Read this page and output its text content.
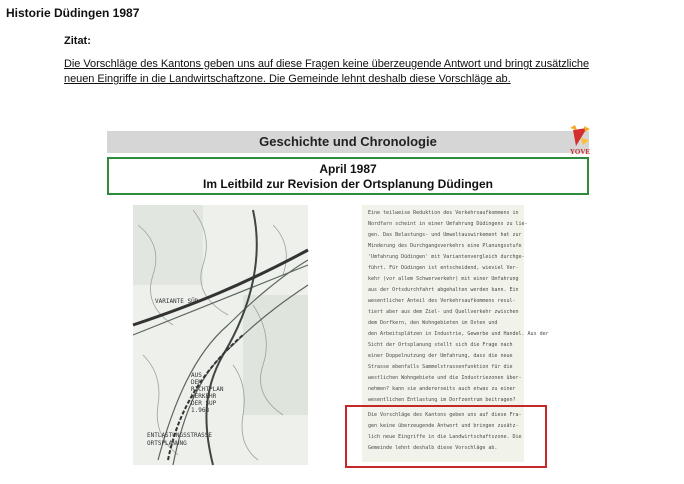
Historie Düdingen 1987
Zitat:
Die Vorschläge des Kantons geben uns auf diese Fragen keine überzeugende Antwort und bringt zusätzliche
neuen Eingriffe in die Landwirtschaftzone. Die Gemeinde lehnt deshalb diese Vorschläge ab.
Geschichte und Chronologie
YOVE
April 1987
Im Leitbild zur Revision der Ortsplanung Düdingen
VARIANTE SÜD
AUS
DEM
RICHTPLAN
VERKEHR
DER SUP
1.968
ENTLASTUNGSSTRASSE
ORTSPLANUNG
Eine teilweise Reduktion des Verkehrsaufkommens in
Nordfarn scheint in einer Umfahrung Düdingens zu lie-
gen. Das Belastungs- und Umweltauswirkement hat zur
Minderung des Durchgangsverkehrs eine Planungsstufe
'Umfahrung Düdingen' mit Variantenvergleich durchge-
führt. Für Düdingen ist entscheidend, wieviel Ver-
kehr (vor allem Schwerverkehr) mit einer Umfahrung
aus der Ortsdurchfahrt abgehalten werden kann. Ein
wesentlicher Anteil des Verkehrsaufkommens resul-
tiert aber aus dem Ziel- und Quellverkehr zwischen
dem Dorfkern, den Wohngebieten im Osten und
den Arbeitsplätzen in Industrie, Gewerbe und Handel. Aus der
Sicht der Ortsplanung stellt sich die Frage nach
einer Doppelnutzung der Umfahrung, dass die neue
Strasse ebenfalls Sammelstrassenfunktion für die
westlichen Wohngebiete und die Industriezonen über-
nehmen? kann sie andererseits auch etwas zu einer
wesentlichen Entlastung im Dorfzentrum beitragen?
Die Vorschläge des Kantons geben uns auf diese Fra-
gen keine überzeugende Antwort und bringen zusätz-
lich neue Eingriffe in die Landwirtschaftszone. Die
Gemeinde lehnt deshalb diese Vorschläge ab.
